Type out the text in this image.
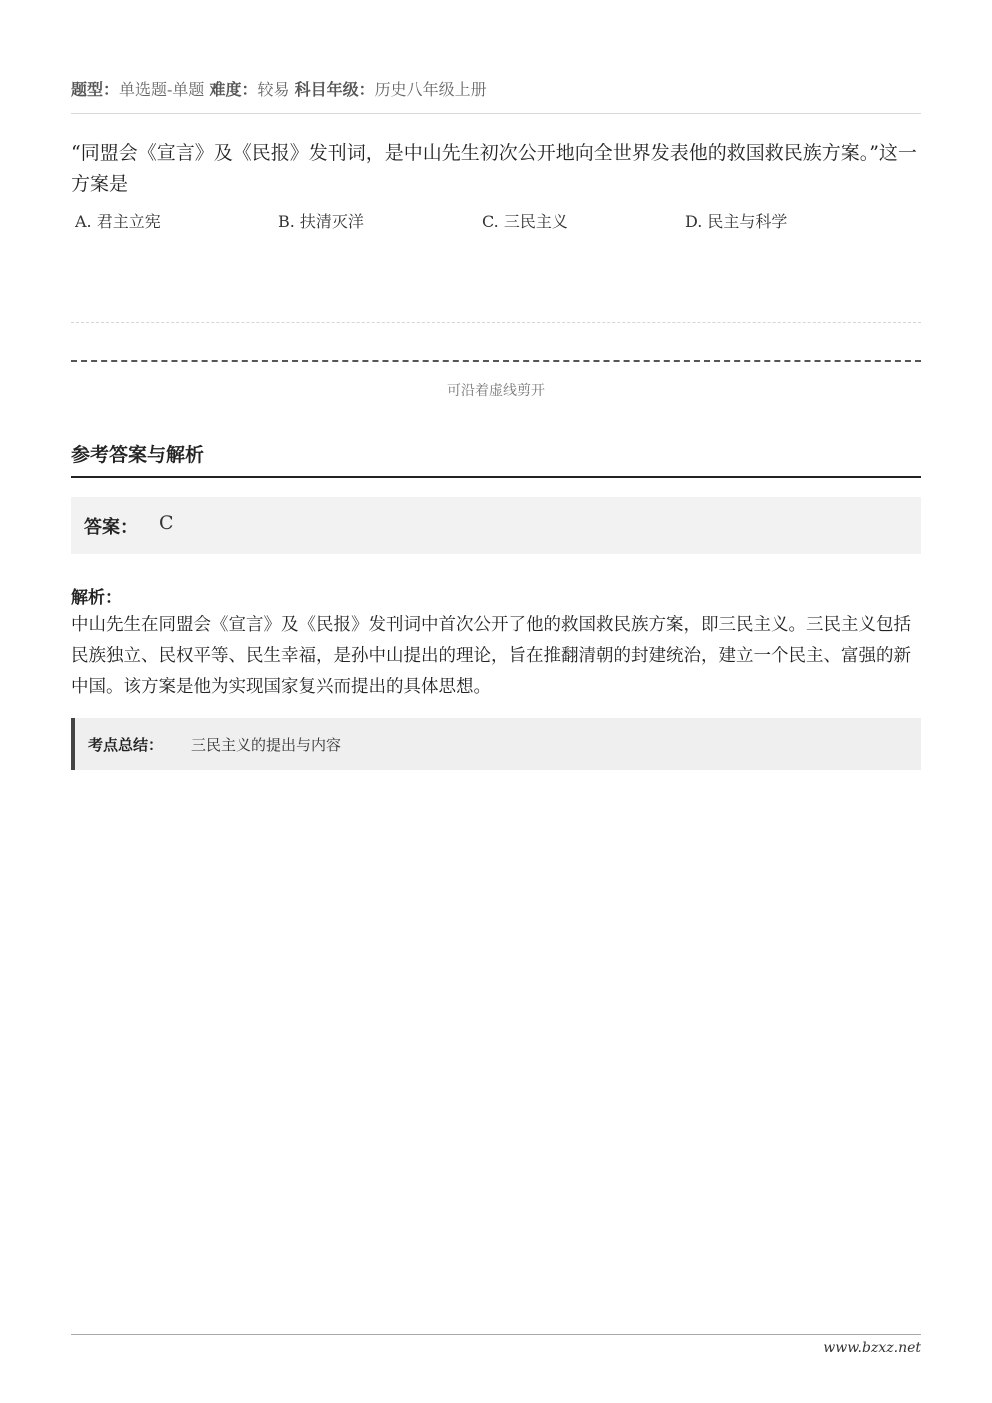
题型：单选题-单题 难度：较易 科目年级：历史八年级上册
“同盟会《宣言》及《民报》发刊词，是中山先生初次公开地向全世界发表他的救国救民族方案。”这一方案是
A. 君主立宪	B. 扶清灭洋	C. 三民主义	D. 民主与科学
可沿着虚线剪开
参考答案与解析
答案： C
解析：
中山先生在同盟会《宣言》及《民报》发刊词中首次公开了他的救国救民族方案，即三民主义。三民主义包括民族独立、民权平等、民生幸福，是孙中山提出的理论，旨在推翻清朝的封建统治，建立一个民主、富强的新中国。该方案是他为实现国家复兴而提出的具体思想。
考点总结： 三民主义的提出与内容
www.bzxz.net
